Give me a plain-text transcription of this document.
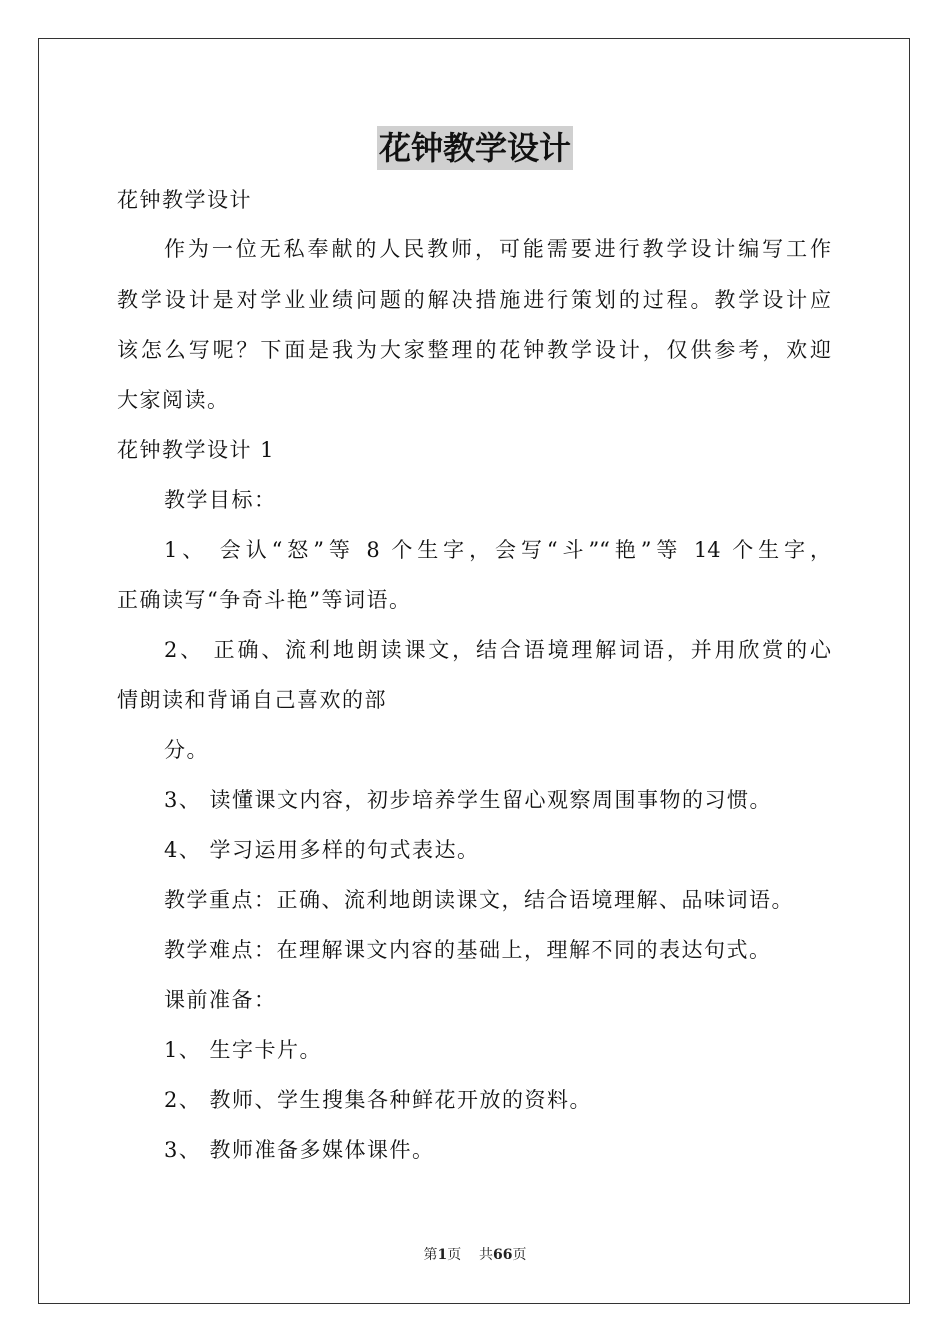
花钟教学设计
花钟教学设计
作为一位无私奉献的人民教师，可能需要进行教学设计编写工作
教学设计是对学业业绩问题的解决措施进行策划的过程。教学设计应
该怎么写呢？下面是我为大家整理的花钟教学设计，仅供参考，欢迎
大家阅读。
花钟教学设计 1
教学目标：
1、 会认“怒”等 8 个生字，会写“斗”“艳”等 14 个生字，
正确读写“争奇斗艳”等词语。
2、 正确、流利地朗读课文，结合语境理解词语，并用欣赏的心
情朗读和背诵自己喜欢的部
分。
3、 读懂课文内容，初步培养学生留心观察周围事物的习惯。
4、 学习运用多样的句式表达。
教学重点：正确、流利地朗读课文，结合语境理解、品味词语。
教学难点：在理解课文内容的基础上，理解不同的表达句式。
课前准备：
1、 生字卡片。
2、 教师、学生搜集各种鲜花开放的资料。
3、 教师准备多媒体课件。
第1页 共66页
